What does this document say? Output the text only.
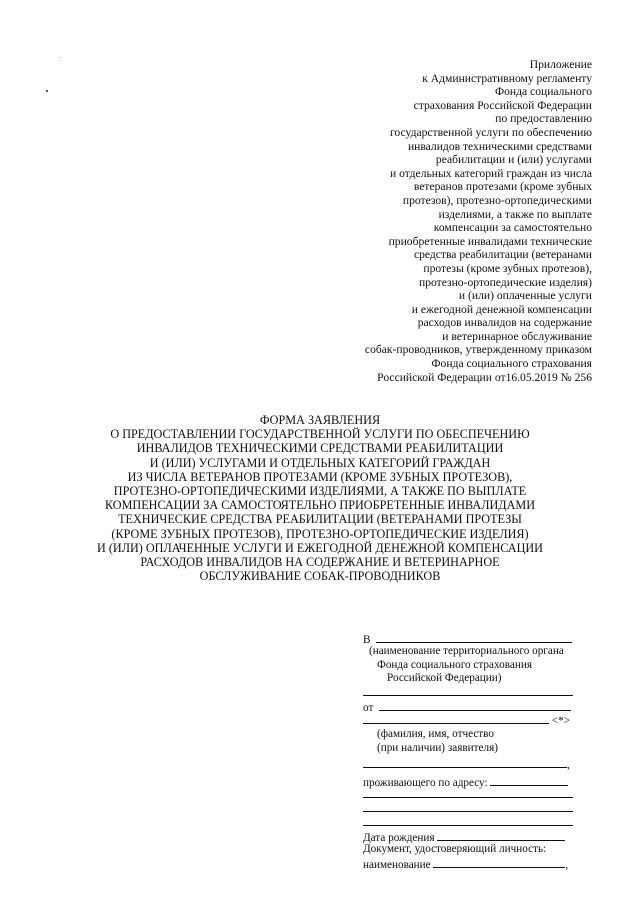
Приложение
к Административному регламенту
Фонда социального
страхования Российской Федерации
по предоставлению
государственной услуги по обеспечению
инвалидов техническими средствами
реабилитации и (или) услугами
и отдельных категорий граждан из числа
ветеранов протезами (кроме зубных
протезов), протезно-ортопедическими
изделиями, а также по выплате
компенсации за самостоятельно
приобретенные инвалидами технические
средства реабилитации (ветеранами
протезы (кроме зубных протезов),
протезно-ортопедические изделия)
и (или) оплаченные услуги
и ежегодной денежной компенсации
расходов инвалидов на содержание
и ветеринарное обслуживание
собак-проводников, утвержденному приказом
Фонда социального страхования
Российской Федерации от16.05.2019 № 256
ФОРМА ЗАЯВЛЕНИЯ
О ПРЕДОСТАВЛЕНИИ ГОСУДАРСТВЕННОЙ УСЛУГИ ПО ОБЕСПЕЧЕНИЮ
ИНВАЛИДОВ ТЕХНИЧЕСКИМИ СРЕДСТВАМИ РЕАБИЛИТАЦИИ
И (ИЛИ) УСЛУГАМИ И ОТДЕЛЬНЫХ КАТЕГОРИЙ ГРАЖДАН
ИЗ ЧИСЛА ВЕТЕРАНОВ ПРОТЕЗАМИ (КРОМЕ ЗУБНЫХ ПРОТЕЗОВ),
ПРОТЕЗНО-ОРТОПЕДИЧЕСКИМИ ИЗДЕЛИЯМИ, А ТАКЖЕ ПО ВЫПЛАТЕ
КОМПЕНСАЦИИ ЗА САМОСТОЯТЕЛЬНО ПРИОБРЕТЕННЫЕ ИНВАЛИДАМИ
ТЕХНИЧЕСКИЕ СРЕДСТВА РЕАБИЛИТАЦИИ (ВЕТЕРАНАМИ ПРОТЕЗЫ
(КРОМЕ ЗУБНЫХ ПРОТЕЗОВ), ПРОТЕЗНО-ОРТОПЕДИЧЕСКИЕ ИЗДЕЛИЯ)
И (ИЛИ) ОПЛАЧЕННЫЕ УСЛУГИ И ЕЖЕГОДНОЙ ДЕНЕЖНОЙ КОМПЕНСАЦИИ
РАСХОДОВ ИНВАЛИДОВ НА СОДЕРЖАНИЕ И ВЕТЕРИНАРНОЕ
ОБСЛУЖИВАНИЕ СОБАК-ПРОВОДНИКОВ
В
(наименование территориального органа
Фонда социального страхования
Российской Федерации)
от
<*>
(фамилия, имя, отчество
(при наличии) заявителя)
,
проживающего по адресу:
Дата рождения
Документ, удостоверяющий личность:
наименование	,
